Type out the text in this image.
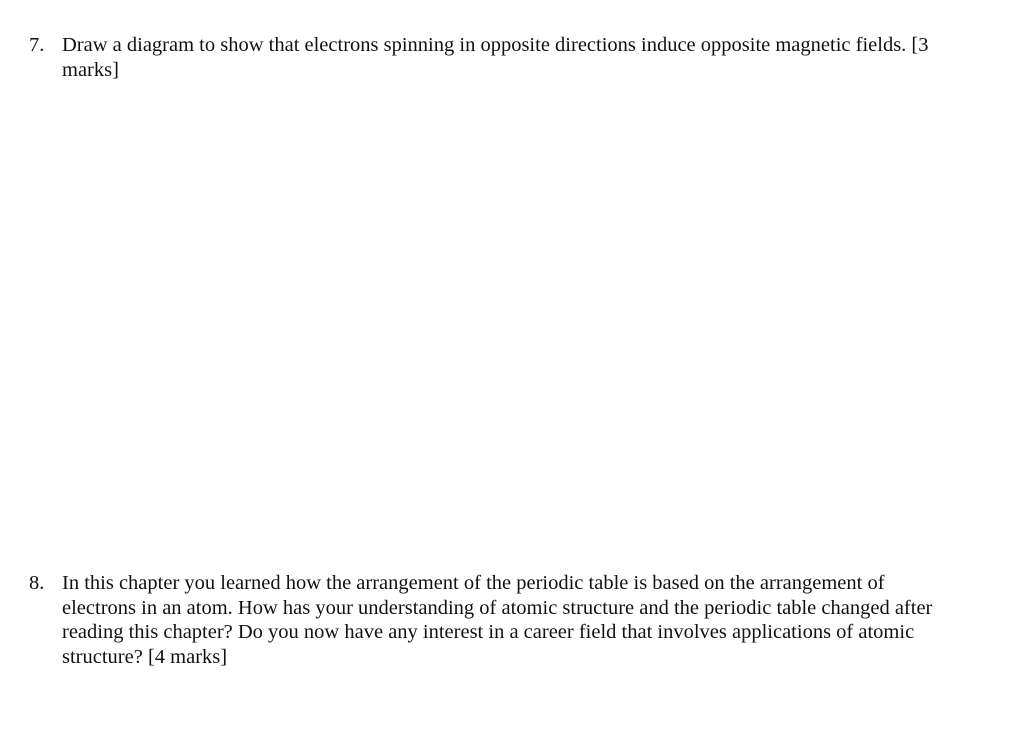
7. Draw a diagram to show that electrons spinning in opposite directions induce opposite magnetic fields. [3
marks]
8. In this chapter you learned how the arrangement of the periodic table is based on the arrangement of
electrons in an atom. How has your understanding of atomic structure and the periodic table changed after
reading this chapter? Do you now have any interest in a career field that involves applications of atomic
structure? [4 marks]
